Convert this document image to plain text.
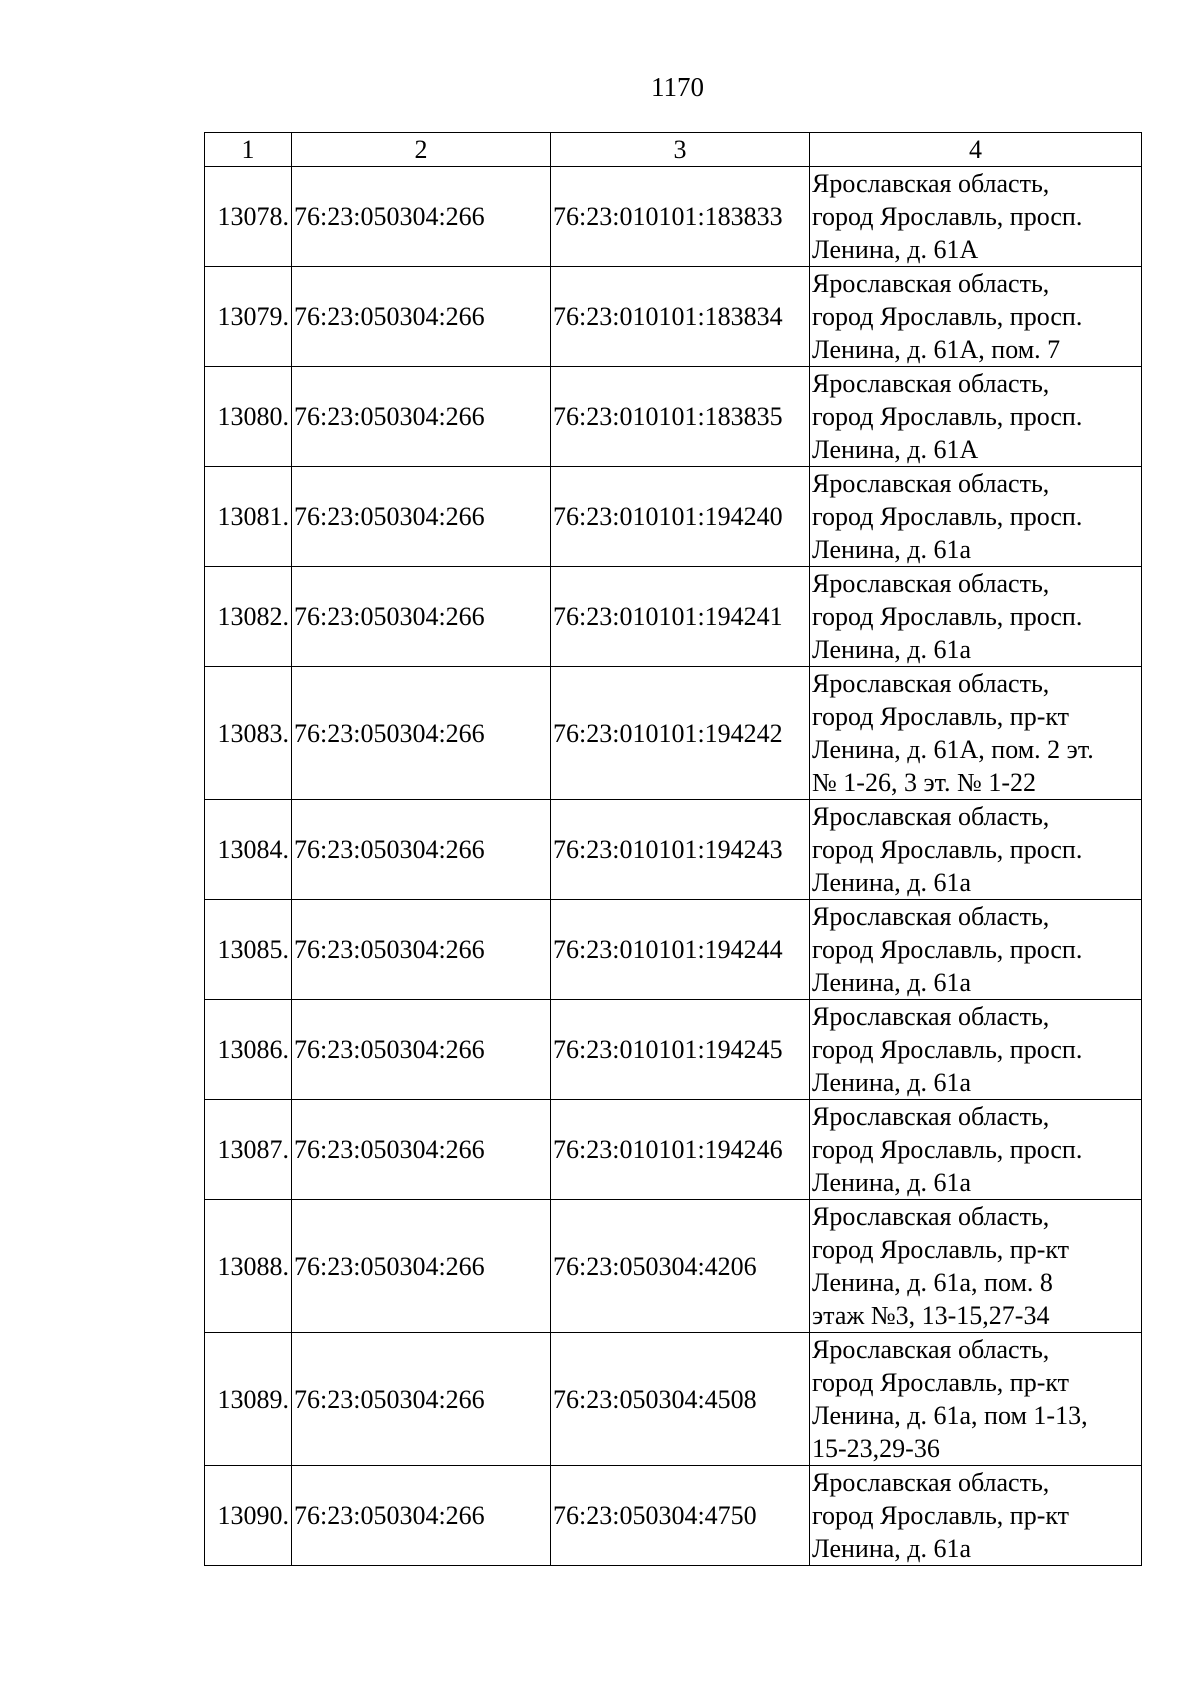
1170
1	2	3	4
13078.	76:23:050304:266	76:23:010101:183833	Ярославская область,
город Ярославль, просп.
Ленина, д. 61А

13079.	76:23:050304:266	76:23:010101:183834	Ярославская область,
город Ярославль, просп.
Ленина, д. 61А, пом. 7

13080.	76:23:050304:266	76:23:010101:183835	Ярославская область,
город Ярославль, просп.
Ленина, д. 61А

13081.	76:23:050304:266	76:23:010101:194240	Ярославская область,
город Ярославль, просп.
Ленина, д. 61а

13082.	76:23:050304:266	76:23:010101:194241	Ярославская область,
город Ярославль, просп.
Ленина, д. 61а

13083.	76:23:050304:266	76:23:010101:194242	Ярославская область,
город Ярославль, пр-кт
Ленина, д. 61А, пом. 2 эт.
№ 1-26, 3 эт. № 1-22

13084.	76:23:050304:266	76:23:010101:194243	Ярославская область,
город Ярославль, просп.
Ленина, д. 61а

13085.	76:23:050304:266	76:23:010101:194244	Ярославская область,
город Ярославль, просп.
Ленина, д. 61а

13086.	76:23:050304:266	76:23:010101:194245	Ярославская область,
город Ярославль, просп.
Ленина, д. 61а

13087.	76:23:050304:266	76:23:010101:194246	Ярославская область,
город Ярославль, просп.
Ленина, д. 61а

13088.	76:23:050304:266	76:23:050304:4206	Ярославская область,
город Ярославль, пр-кт
Ленина, д. 61а, пом. 8
этаж №3, 13-15,27-34

13089.	76:23:050304:266	76:23:050304:4508	Ярославская область,
город Ярославль, пр-кт
Ленина, д. 61а, пом 1-13,
15-23,29-36

13090.	76:23:050304:266	76:23:050304:4750	Ярославская область,
город Ярославль, пр-кт
Ленина, д. 61а
